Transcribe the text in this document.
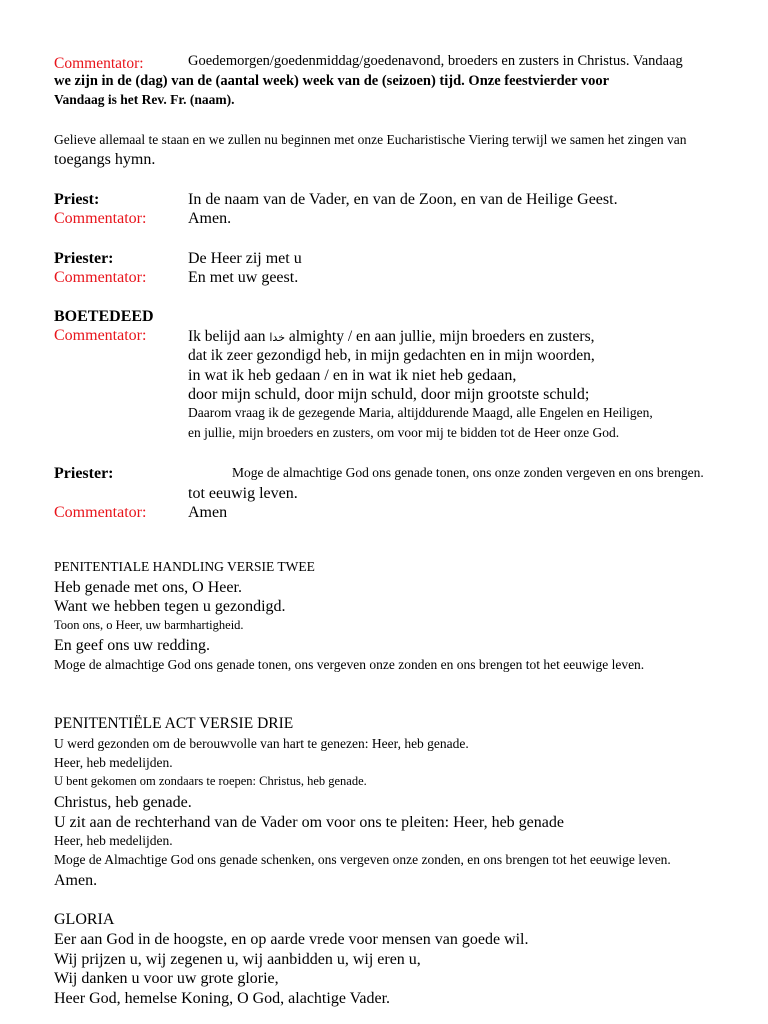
Commentator:	Goedemorgen/goedenmiddag/goedenavond, broeders en zusters in Christus. Vandaag
we zijn in de (dag) van de (aantal week) week van de (seizoen) tijd. Onze feestvierder voor
Vandaag is het Rev. Fr. (naam).
Gelieve allemaal te staan en we zullen nu beginnen met onze Eucharistische Viering terwijl we samen het zingen van
toegangs hymn.
Priest:	In de naam van de Vader, en van de Zoon, en van de Heilige Geest.
Commentator:	Amen.
Priester:	De Heer zij met u
Commentator:	En met uw geest.
BOETEDEED
Commentator:	Ik belijd aan خدا almighty / en aan jullie, mijn broeders en zusters,
dat ik zeer gezondigd heb, in mijn gedachten en in mijn woorden,
in wat ik heb gedaan / en in wat ik niet heb gedaan,
door mijn schuld, door mijn schuld, door mijn grootste schuld;
Daarom vraag ik de gezegende Maria, altijddurende Maagd, alle Engelen en Heiligen,
en jullie, mijn broeders en zusters, om voor mij te bidden tot de Heer onze God.
Priester:	Moge de almachtige God ons genade tonen, ons onze zonden vergeven en ons brengen.
tot eeuwig leven.
Commentator:	Amen
PENITENTIALE HANDLING VERSIE TWEE
Heb genade met ons, O Heer.
Want we hebben tegen u gezondigd.
Toon ons, o Heer, uw barmhartigheid.
En geef ons uw redding.
Moge de almachtige God ons genade tonen, ons vergeven onze zonden en ons brengen tot het eeuwige leven.
PENITENTIËLE ACT VERSIE DRIE
U werd gezonden om de berouwvolle van hart te genezen: Heer, heb genade.
Heer, heb medelijden.
U bent gekomen om zondaars te roepen: Christus, heb genade.
Christus, heb genade.
U zit aan de rechterhand van de Vader om voor ons te pleiten: Heer, heb genade
Heer, heb medelijden.
Moge de Almachtige God ons genade schenken, ons vergeven onze zonden, en ons brengen tot het eeuwige leven.
Amen.
GLORIA
Eer aan God in de hoogste, en op aarde vrede voor mensen van goede wil.
Wij prijzen u, wij zegenen u, wij aanbidden u, wij eren u,
Wij danken u voor uw grote glorie,
Heer God, hemelse Koning, O God, alachtige Vader.
